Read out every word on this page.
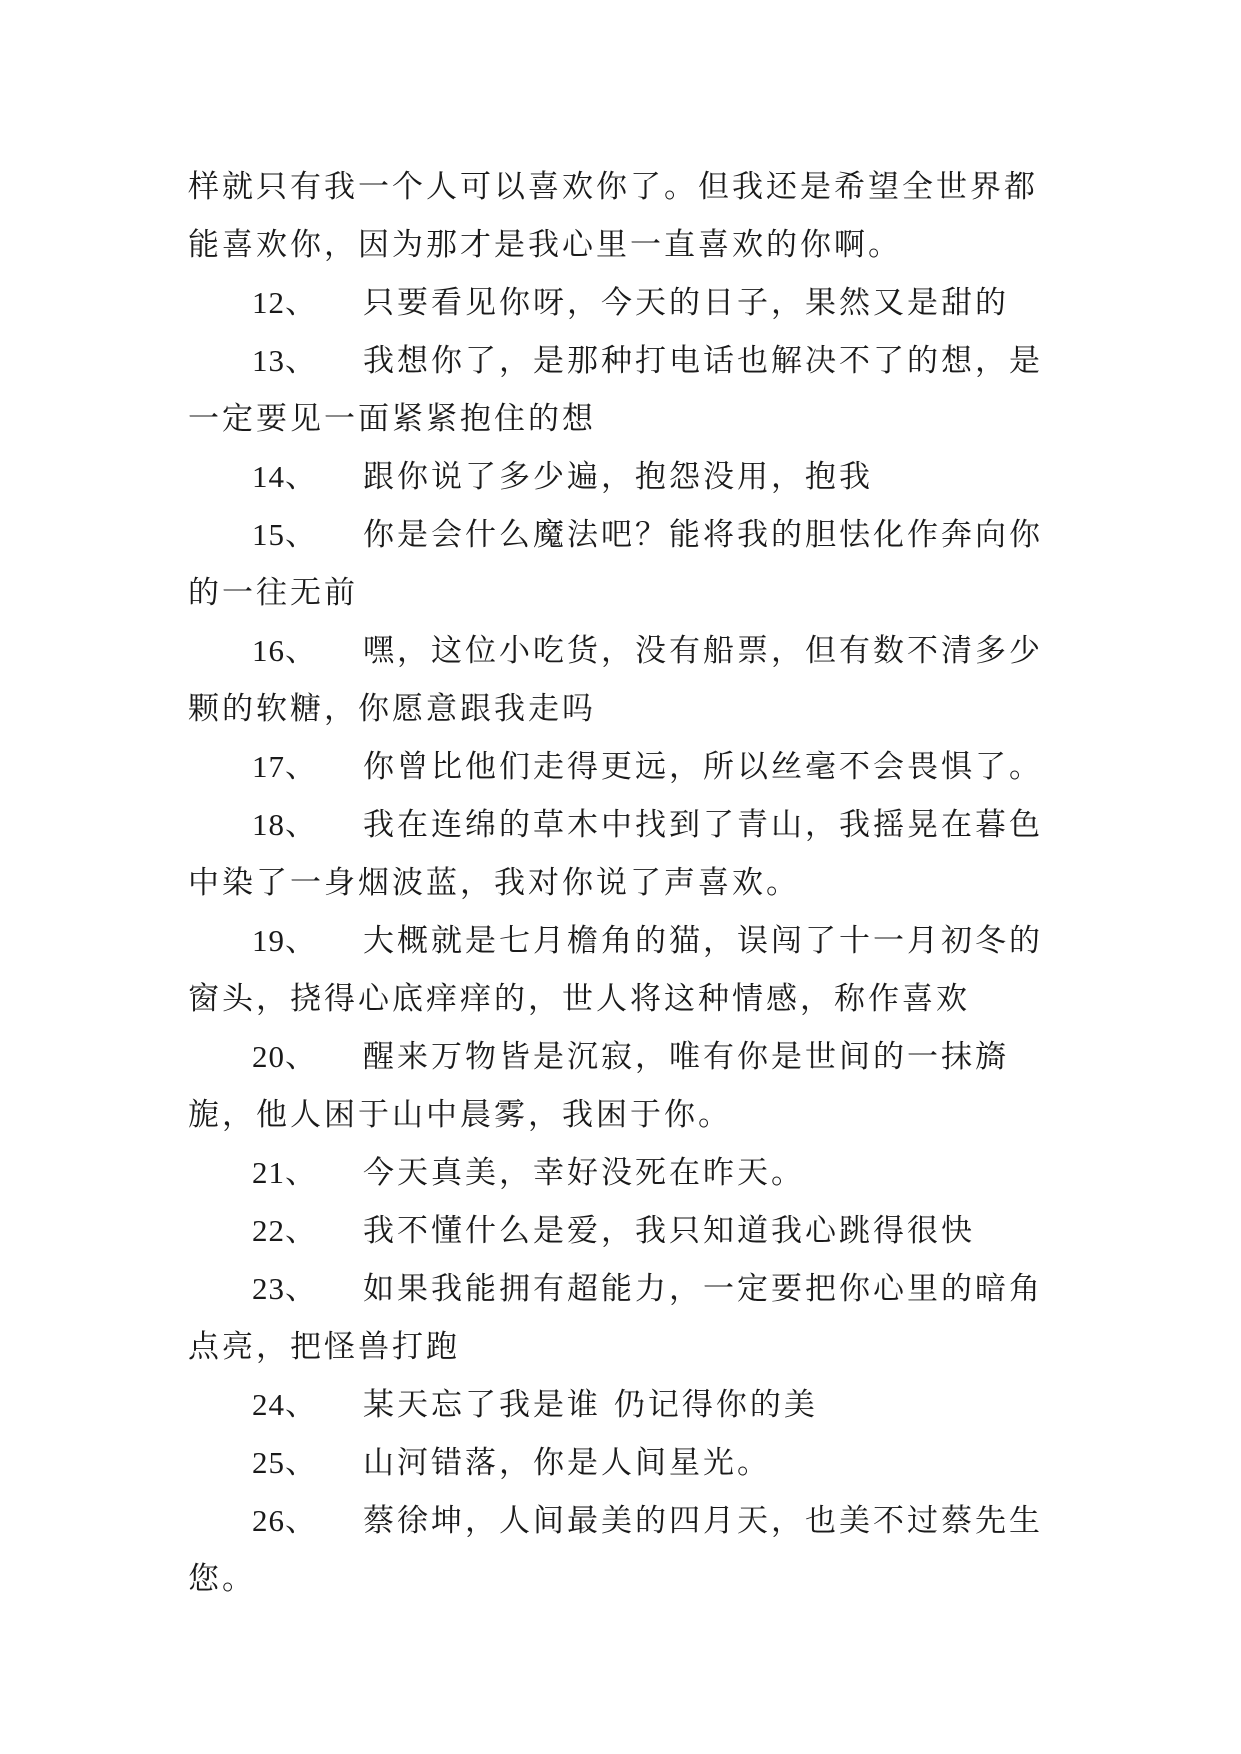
样就只有我一个人可以喜欢你了。但我还是希望全世界都能喜欢你，因为那才是我心里一直喜欢的你啊。

12、 只要看见你呀，今天的日子，果然又是甜的

13、 我想你了，是那种打电话也解决不了的想，是一定要见一面紧紧抱住的想

14、 跟你说了多少遍，抱怨没用，抱我

15、 你是会什么魔法吧？能将我的胆怯化作奔向你的一往无前

16、 嘿，这位小吃货，没有船票，但有数不清多少颗的软糖，你愿意跟我走吗

17、 你曾比他们走得更远，所以丝毫不会畏惧了。

18、 我在连绵的草木中找到了青山，我摇晃在暮色中染了一身烟波蓝，我对你说了声喜欢。

19、 大概就是七月檐角的猫，误闯了十一月初冬的窗头，挠得心底痒痒的，世人将这种情感，称作喜欢

20、 醒来万物皆是沉寂，唯有你是世间的一抹旖旎，他人困于山中晨雾，我困于你。

21、 今天真美，幸好没死在昨天。

22、 我不懂什么是爱，我只知道我心跳得很快

23、 如果我能拥有超能力，一定要把你心里的暗角点亮，把怪兽打跑

24、 某天忘了我是谁 仍记得你的美

25、 山河错落，你是人间星光。

26、 蔡徐坤，人间最美的四月天，也美不过蔡先生您。
